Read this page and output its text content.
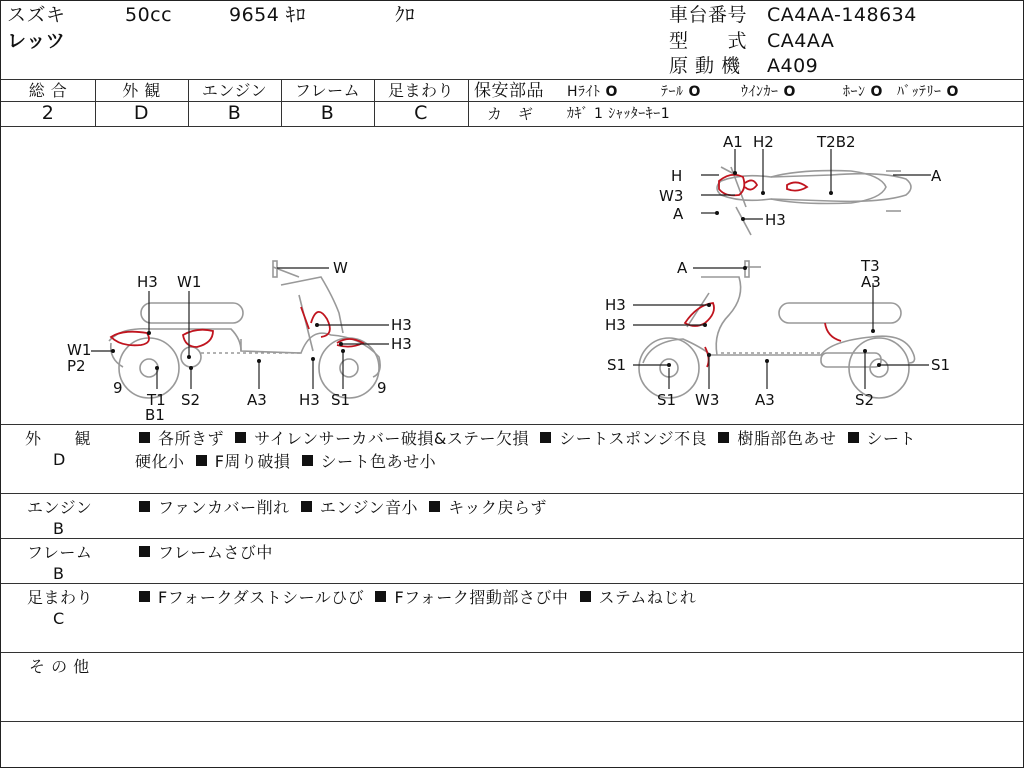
スズキ	50cc	9654 ｷﾛ	ｸﾛ
レッツ
車台番号 CA4AA-148634
型　　式 CA4AA
原 動 機 A409
総 合	外 観	エンジン	フレーム	足まわり
2	D	B	B	C
保安部品 Hﾗｲﾄ O	ﾃｰﾙ O	ｳｲﾝｶｰ O	ﾎｰﾝ O ﾊﾞｯﾃﾘｰ O
カ　ギ ｶｷﾞ 1 ｼｬｯﾀｰｷｰ1
A1 H2	T2B2
H
W3
A	H3
A
H3 W1
W
W1
P2
H3
H3
9
T1
B1
S2	A3 H3 S1
9
A	T3
A3
H3
H3
S1
S1
S1
W3 A3	S2
外　　観
D
各所きず サイレンサーカバー破損&ステー欠損 シートスポンジ不良 樹脂部色あせ シート
硬化小 F周り破損 シート色あせ小
エンジン
B
ファンカバー削れ エンジン音小 キック戻らず
フレーム
B
フレームさび中
足まわり
C
Fフォークダストシールひび Fフォーク摺動部さび中 ステムねじれ
そ の 他
